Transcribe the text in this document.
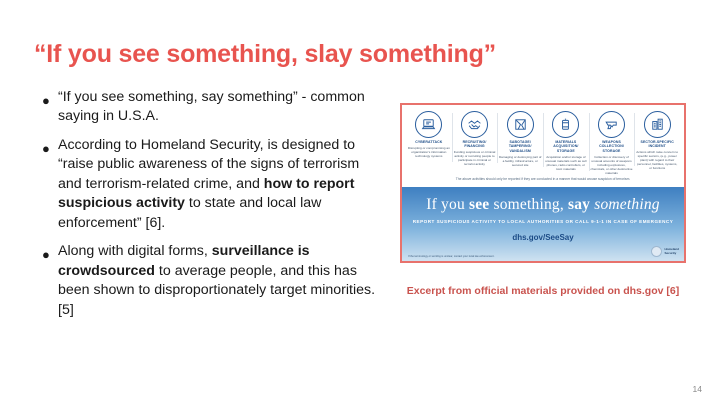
“If you see something, slay something”
● “If you see something, say something” - common saying in U.S.A.
● According to Homeland Security, is designed to “raise public awareness of the signs of terrorism and terrorism-related crime, and how to report suspicious activity to state and local law enforcement” [6].
● Along with digital forms, surveillance is crowdsourced to average people, and this has been shown to disproportionately target minorities. [5]
CYBERATTACK
Disrupting or compromising an organization's information technology systems
RECRUITING/ FINANCING
Funding suspicious or criminal activity or recruiting people to participate in criminal or terrorist activity
SABOTAGE/ TAMPERING/ VANDALISM
Damaging or destroying part of a facility, infrastructure, or secured site
MATERIALS ACQUISITION/ STORAGE
Acquisition and/or storage of unusual materials such as cell phones, radio controllers, or toxic materials
WEAPONS COLLECTION/ STORAGE
Collection or discovery of unusual amounts of weapons including explosives, chemicals, or other destructive materials
SECTOR-SPECIFIC INCIDENT
Actions which raise concern to specific sectors, (e.g., power plant) with regard to their personnel, facilities, systems, or functions
The above activities should only be reported if they are conducted in a manner that would arouse suspicion of terrorism.
If you see something, say something
REPORT SUSPICIOUS ACTIVITY TO LOCAL AUTHORITIES OR CALL 9-1-1 IN CASE OF EMERGENCY
dhs.gov/SeeSay
If the terminology or wording is unclear, contact your local law enforcement.
Homeland
Security
Excerpt from official materials provided on dhs.gov [6]
14
